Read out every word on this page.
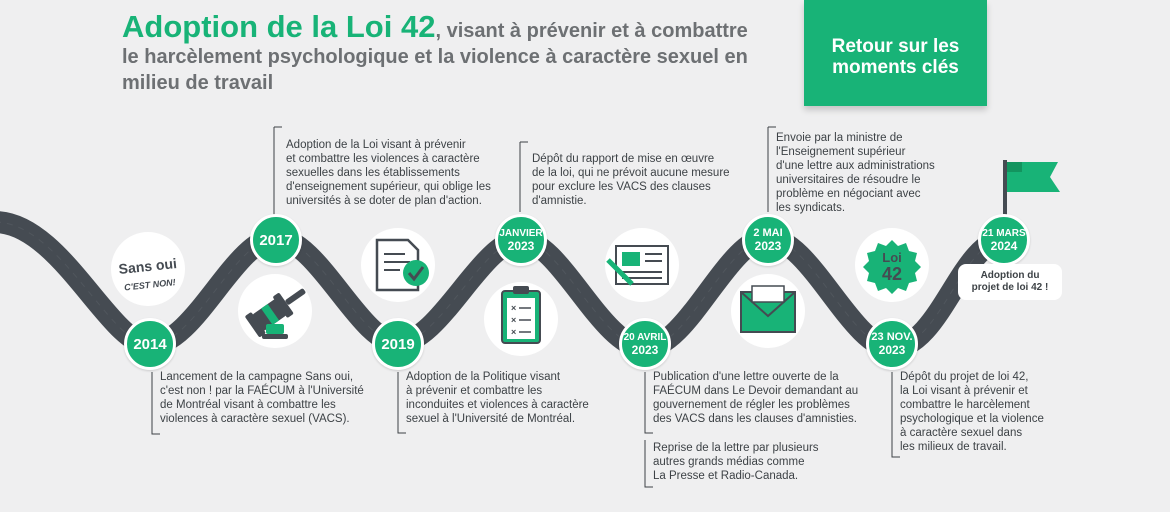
×
×
×
Sans oui
C'EST NON!
Loi
42
Adoption de la Loi 42, visant à prévenir et à combattre le harcèlement psychologique et la violence à caractère sexuel en milieu de travail
Retour sur les
moments clés
2014
2017
2019
JANVIER
2023
20 AVRIL
2023
2 MAI
2023
23 NOV.
2023
21 MARS
2024
Adoption du
projet de loi 42 !
Lancement de la campagne Sans oui,
c'est non ! par la FAÉCUM à l'Université
de Montréal visant à combattre les
violences à caractère sexuel (VACS).
Adoption de la Loi visant à prévenir
et combattre les violences à caractère
sexuelles dans les établissements
d'enseignement supérieur, qui oblige les
universités à se doter de plan d'action.
Adoption de la Politique visant
à prévenir et combattre les
inconduites et violences à caractère
sexuel à l'Université de Montréal.
Dépôt du rapport de mise en œuvre
de la loi, qui ne prévoit aucune mesure
pour exclure les VACS des clauses
d'amnistie.
Publication d'une lettre ouverte de la
FAÉCUM dans Le Devoir demandant au
gouvernement de régler les problèmes
des VACS dans les clauses d'amnisties.
Reprise de la lettre par plusieurs
autres grands médias comme
La Presse et Radio-Canada.
Envoie par la ministre de
l'Enseignement supérieur
d'une lettre aux administrations
universitaires de résoudre le
problème en négociant avec
les syndicats.
Dépôt du projet de loi 42,
la Loi visant à prévenir et
combattre le harcèlement
psychologique et la violence
à caractère sexuel dans
les milieux de travail.
